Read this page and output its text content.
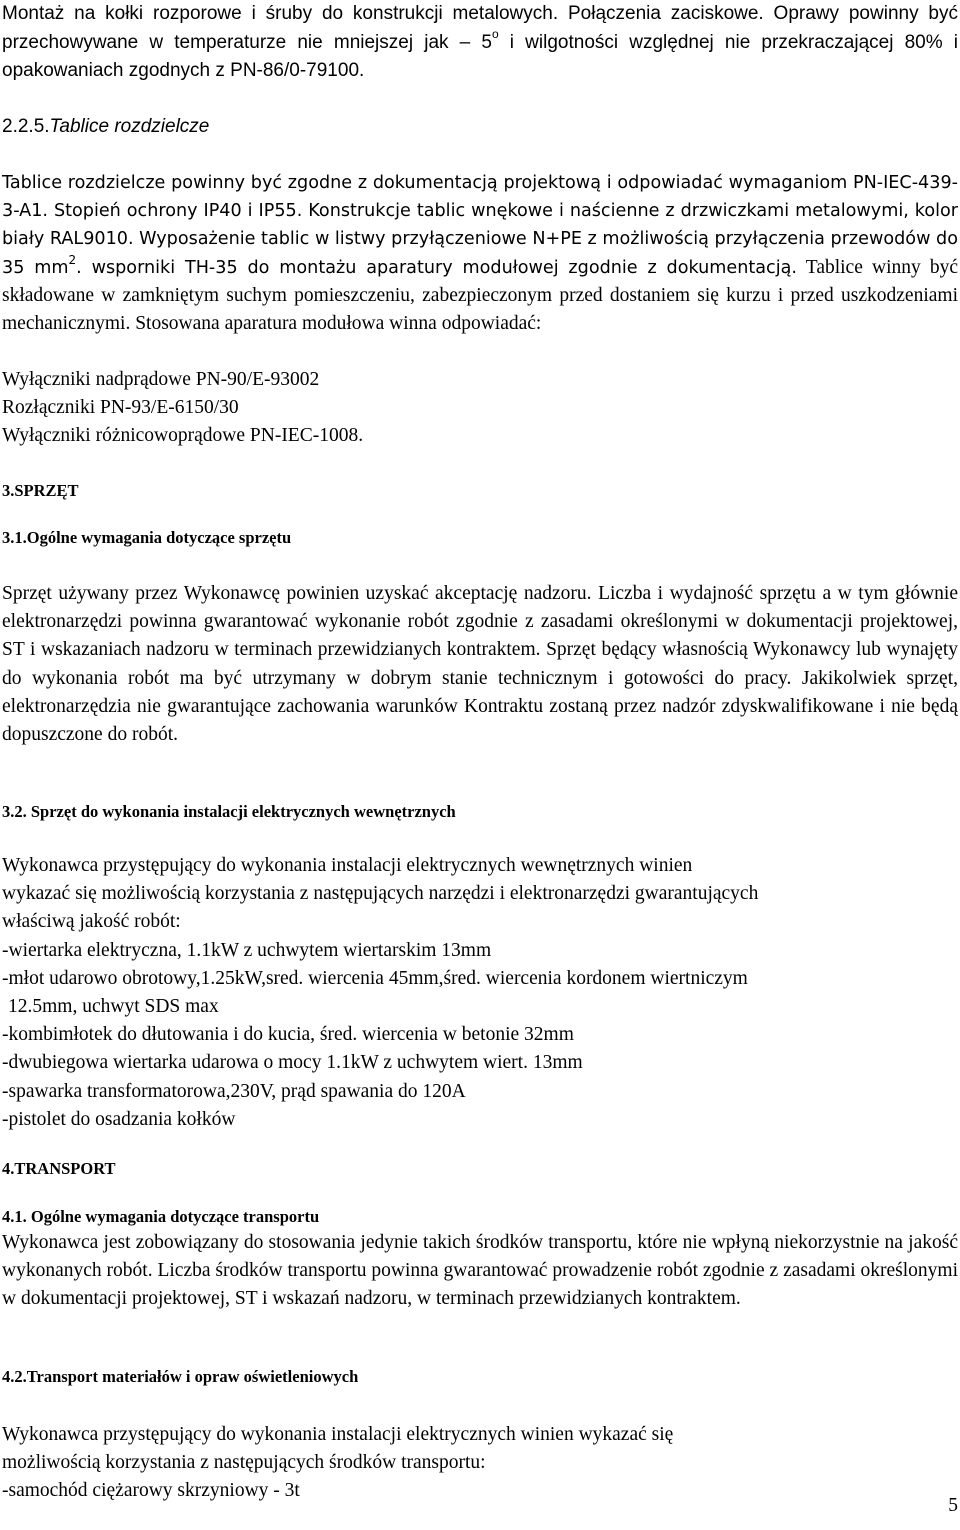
Montaż na kołki rozporowe i śruby do konstrukcji metalowych. Połączenia zaciskowe. Oprawy powinny być przechowywane w temperaturze nie mniejszej jak – 5$^o$ i wilgotności względnej nie przekraczającej 80% i opakowaniach zgodnych z PN-86/0-79100.

2.2.5.Tablice rozdzielcze

Tablice rozdzielcze powinny być zgodne z dokumentacją projektową i odpowiadać wymaganiom PN-IEC-439-3-A1. Stopień ochrony IP40 i IP55. Konstrukcje tablic wnękowe i naścienne z drzwiczkami metalowymi, kolor biały RAL9010. Wyposażenie tablic w listwy przyłączeniowe N+PE z możliwością przyłączenia przewodów do 35 $mm^2$. wsporniki TH-35 do montażu aparatury modułowej zgodnie z dokumentacją. Tablice winny być składowane w zamkniętym suchym pomieszczeniu, zabezpieczonym przed dostaniem się kurzu i przed uszkodzeniami mechanicznymi. Stosowana aparatura modułowa winna odpowiadać:
Wyłączniki nadprądowe PN-90/E-93002
Rozłączniki PN-93/E-6150/30
Wyłączniki różnicowoprądowe PN-IEC-1008.

3.SPRZĘT

3.1.Ogólne wymagania dotyczące sprzętu

Sprzęt używany przez Wykonawcę powinien uzyskać akceptację nadzoru. Liczba i wydajność sprzętu a w tym głównie elektronarzędzi powinna gwarantować wykonanie robót zgodnie z zasadami określonymi w dokumentacji projektowej, ST i wskazaniach nadzoru w terminach przewidzianych kontraktem. Sprzęt będący własnością Wykonawcy lub wynajęty do wykonania robót ma być utrzymany w dobrym stanie technicznym i gotowości do pracy. Jakikolwiek sprzęt, elektronarzędzia nie gwarantujące zachowania warunków Kontraktu zostaną przez nadzór zdyskwalifikowane i nie będą dopuszczone do robót.

3.2. Sprzęt do wykonania instalacji elektrycznych wewnętrznych

Wykonawca przystępujący do wykonania instalacji elektrycznych wewnętrznych winien
wykazać się możliwością korzystania z następujących narzędzi i elektronarzędzi gwarantujących
właściwą jakość robót:
-wiertarka elektryczna, 1.1kW z uchwytem wiertarskim 13mm
-młot udarowo obrotowy,1.25kW,sred. wiercenia 45mm,śred. wiercenia kordonem wiertniczym
12.5mm, uchwyt SDS max
-kombimłotek do dłutowania i do kucia, śred. wiercenia w betonie 32mm
-dwubiegowa wiertarka udarowa o mocy 1.1kW z uchwytem wiert. 13mm
-spawarka transformatorowa,230V, prąd spawania do 120A
-pistolet do osadzania kołków

4.TRANSPORT

4.1. Ogólne wymagania dotyczące transportu

Wykonawca jest zobowiązany do stosowania jedynie takich środków transportu, które nie wpłyną niekorzystnie na jakość wykonanych robót. Liczba środków transportu powinna gwarantować prowadzenie robót zgodnie z zasadami określonymi w dokumentacji projektowej, ST i wskazań nadzoru, w terminach przewidzianych kontraktem.

4.2.Transport materiałów i opraw oświetleniowych

Wykonawca przystępujący do wykonania instalacji elektrycznych winien wykazać się
możliwością korzystania z następujących środków transportu:
-samochód ciężarowy skrzyniowy - 3t
5
